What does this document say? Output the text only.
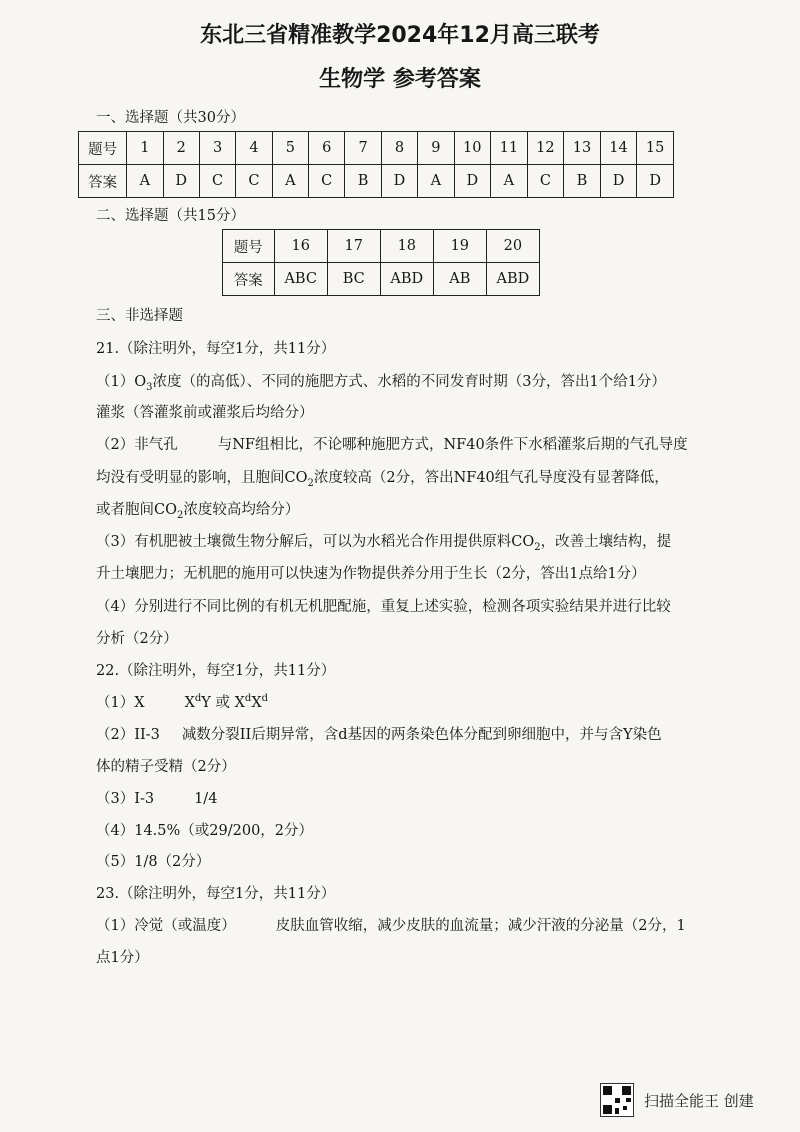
东北三省精准教学2024年12月高三联考
生物学 参考答案
一、选择题（共30分）
题号	1	2	3	4	5	6	7	8	9	10	11	12	13	14	15
答案	A	D	C	C	A	C	B	D	A	D	A	C	B	D	D
二、选择题（共15分）
题号	16	17	18	19	20
答案	ABC	BC	ABD	AB	ABD
三、非选择题
21.（除注明外，每空1分，共11分）
$(1)O_3$浓度（的高低）、不同的施肥方式、水稻的不同发育时期（3分，答出1个给1分）
灌浆（答灌浆前或灌浆后均给分）
（2）非气孔	与NF组相比，不论哪种施肥方式，NF40条件下水稻灌浆后期的气孔导度
均没有受明显的影响，且胞间$CO_2$浓度较高（2分，答出NF40组气孔导度没有显著降低，
或者胞间$CO_2$浓度较高均给分）
（3）有机肥被土壤微生物分解后，可以为水稻光合作用提供原料$CO_2$，改善土壤结构，提
升土壤肥力；无机肥的施用可以快速为作物提供养分用于生长（2分，答出1点给1分）
（4）分别进行不同比例的有机无机肥配施，重复上述实验，检测各项实验结果并进行比较
分析（2分）
22.（除注明外，每空1分，共11分）
（1）X	$X^dY$ 或 $X^dX^d$
（2）II-3 减数分裂II后期异常，含d基因的两条染色体分配到卵细胞中，并与含Y染色
体的精子受精（2分）
（3）I-3	1/4
（4）14.5%（或29/200，2分）
（5）1/8（2分）
23.（除注明外，每空1分，共11分）
（1）冷觉（或温度）	皮肤血管收缩，减少皮肤的血流量；减少汗液的分泌量（2分，1
点1分）
扫描全能王 创建
